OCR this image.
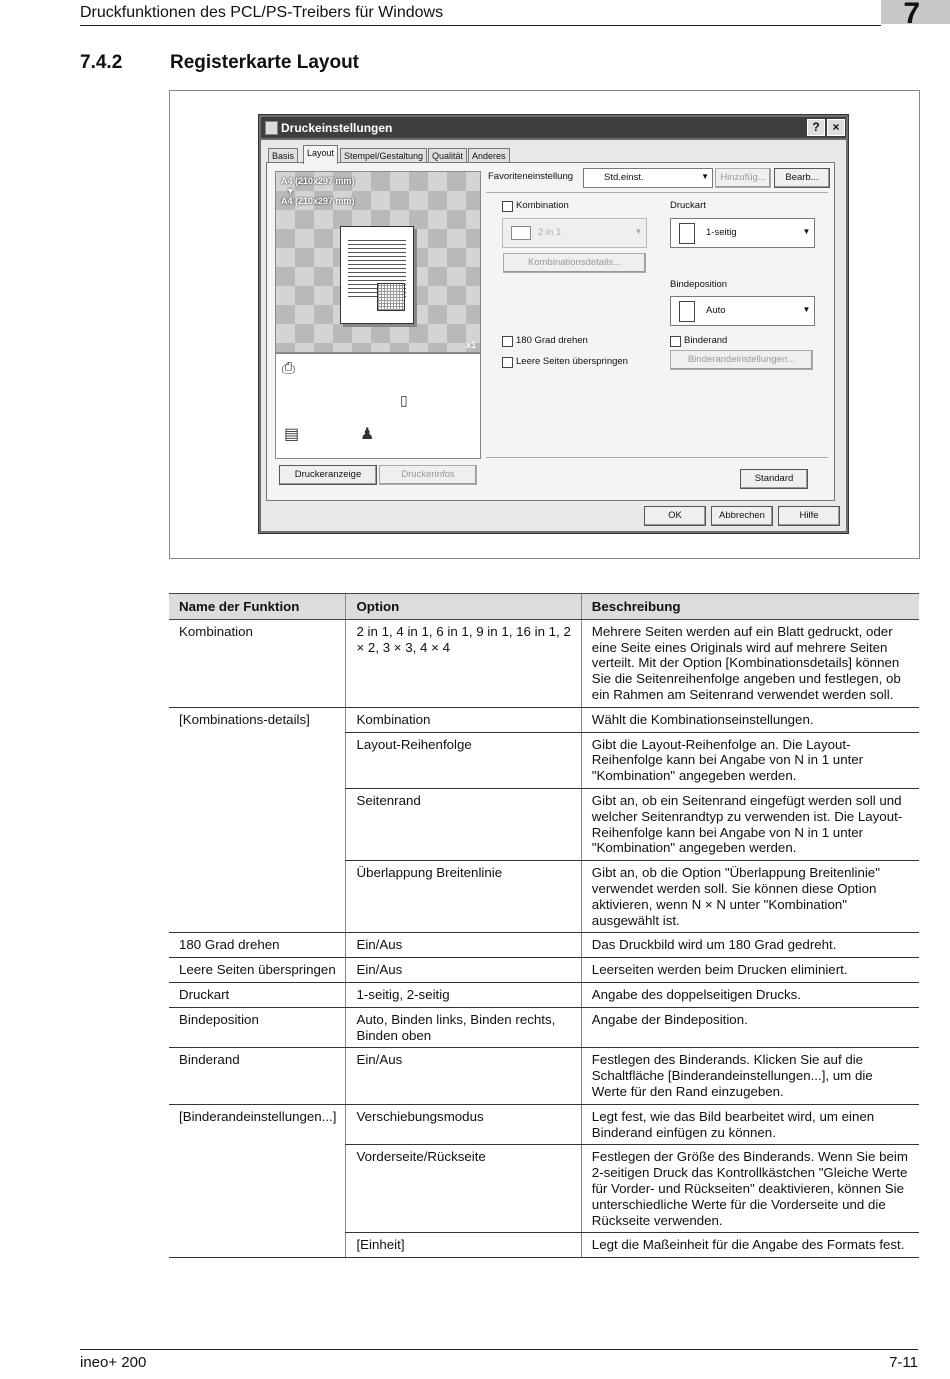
Druckfunktionen des PCL/PS-Treibers für Windows	7
7.4.2	Registerkarte Layout
Druckeinstellungen	?	×
Basis	Layout	Stempel/Gestaltung Qualität Anderes
A4 (210x297 mm)
▼
A4 (210x297 mm)
x1
⎙
▯
▤	♟
Druckeranzeige	Druckerinfos
Favoriteneinstellung	Std.einst.	▼	Hinzufüg...	Bearb...
Kombination
2 in 1	▼
Kombinationsdetails...
Druckart
1-seitig	▼
Bindeposition
Auto	▼
180 Grad drehen
Leere Seiten überspringen
Binderand
Binderandeinstellungen...
Standard
OK	Abbrechen	Hilfe
Name der Funktion	Option	Beschreibung
Kombination	2 in 1, 4 in 1, 6 in 1, 9 in 1, 16 in 1, 2 × 2, 3 × 3, 4 × 4	Mehrere Seiten werden auf ein Blatt gedruckt, oder eine Seite eines Originals wird auf mehrere Seiten verteilt. Mit der Option [Kombinationsdetails] können Sie die Seitenreihenfolge angeben und festlegen, ob ein Rahmen am Seitenrand verwendet werden soll.
[Kombinations-details]	Kombination	Wählt die Kombinationseinstellungen.
	Layout-Reihenfolge	Gibt die Layout-Reihenfolge an. Die Layout-Reihenfolge kann bei Angabe von N in 1 unter "Kombination" angegeben werden.
	Seitenrand	Gibt an, ob ein Seitenrand eingefügt werden soll und welcher Seitenrandtyp zu verwenden ist. Die Layout-Reihenfolge kann bei Angabe von N in 1 unter "Kombination" angegeben werden.
	Überlappung Breitenlinie	Gibt an, ob die Option "Überlappung Breitenlinie" verwendet werden soll. Sie können diese Option aktivieren, wenn N × N unter "Kombination" ausgewählt ist.
180 Grad drehen	Ein/Aus	Das Druckbild wird um 180 Grad gedreht.
Leere Seiten überspringen	Ein/Aus	Leerseiten werden beim Drucken eliminiert.
Druckart	1-seitig, 2-seitig	Angabe des doppelseitigen Drucks.
Bindeposition	Auto, Binden links, Binden rechts, Binden oben	Angabe der Bindeposition.
Binderand	Ein/Aus	Festlegen des Binderands. Klicken Sie auf die Schaltfläche [Binderandeinstellungen...], um die Werte für den Rand einzugeben.
[Binderandeinstellungen...]	Verschiebungsmodus	Legt fest, wie das Bild bearbeitet wird, um einen Binderand einfügen zu können.
	Vorderseite/Rückseite	Festlegen der Größe des Binderands. Wenn Sie beim 2-seitigen Druck das Kontrollkästchen "Gleiche Werte für Vorder- und Rückseiten" deaktivieren, können Sie unterschiedliche Werte für die Vorderseite und die Rückseite verwenden.
	[Einheit]	Legt die Maßeinheit für die Angabe des Formats fest.
ineo+ 200	7-11
